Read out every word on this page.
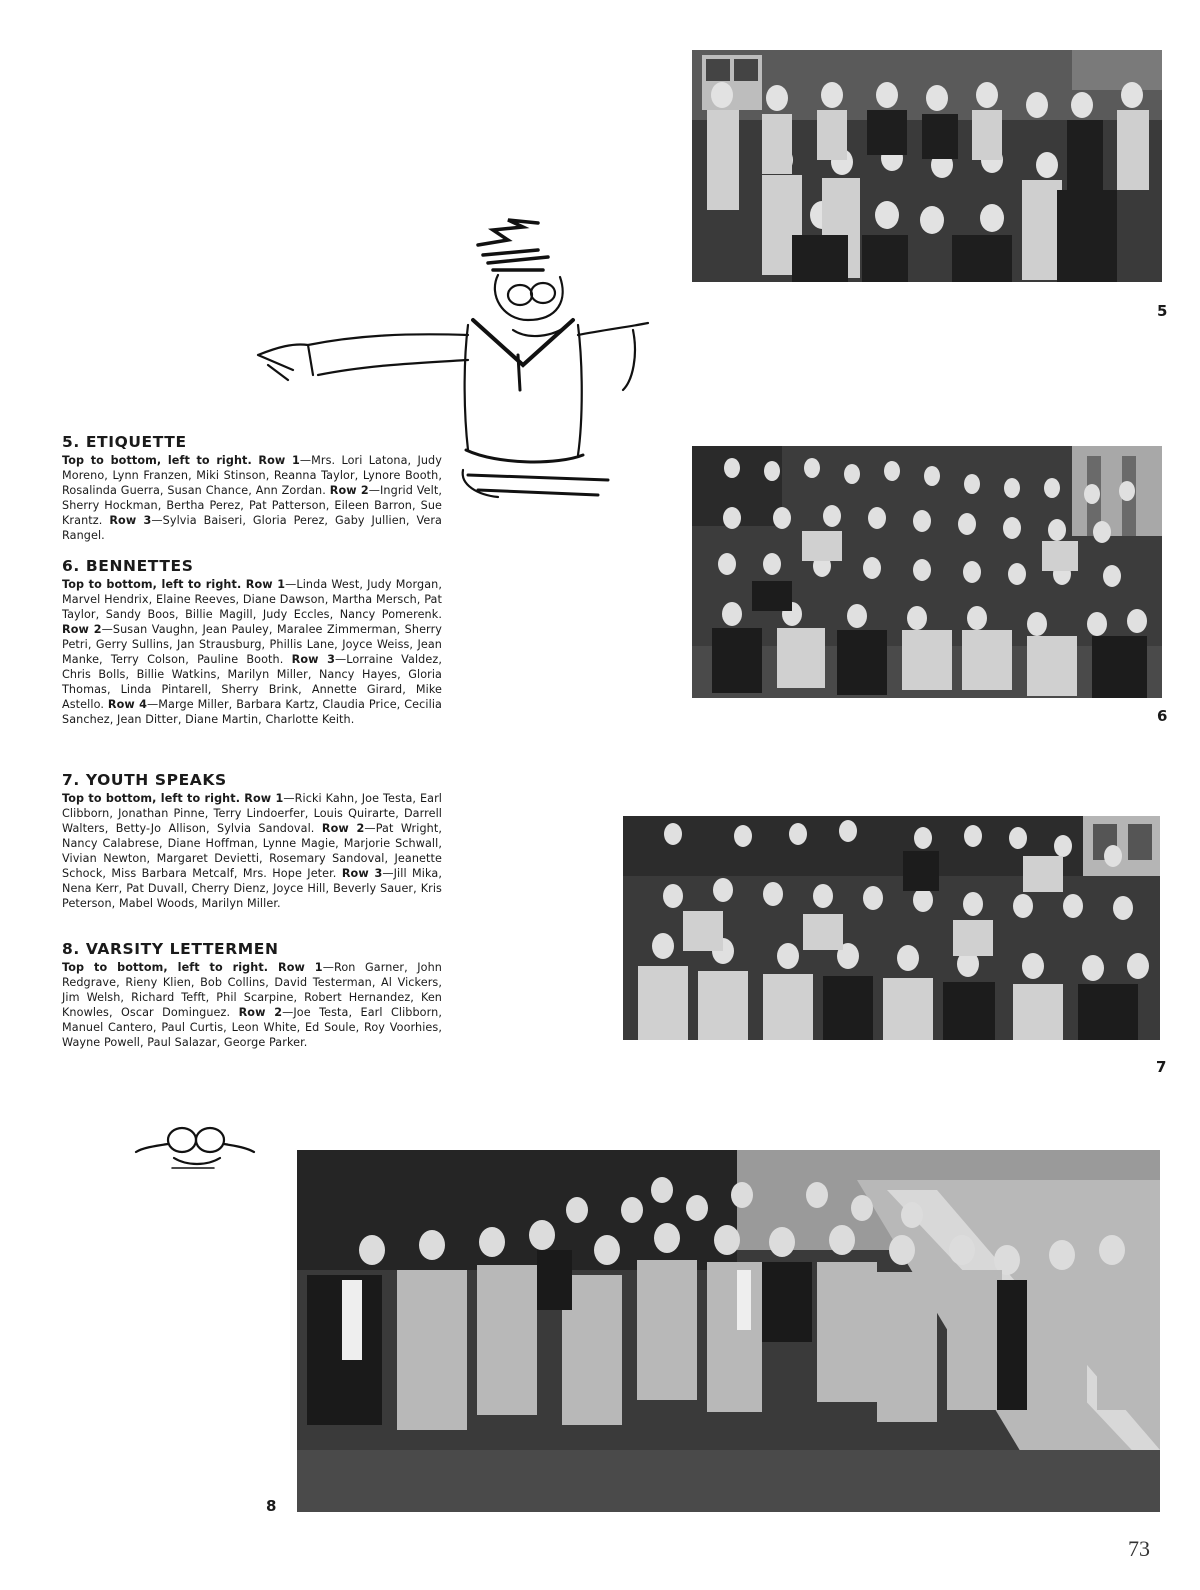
5
6
7
8
5. ETIQUETTE

Top to bottom, left to right. Row 1—Mrs. Lori Latona, Judy Moreno, Lynn Franzen, Miki Stinson, Reanna Taylor, Lynore Booth, Rosalinda Guerra, Susan Chance, Ann Zordan. Row 2—Ingrid Velt, Sherry Hockman, Bertha Perez, Pat Patterson, Eileen Barron, Sue Krantz. Row 3—Sylvia Baiseri, Gloria Perez, Gaby Jullien, Vera Rangel.

6. BENNETTES

Top to bottom, left to right. Row 1—Linda West, Judy Morgan, Marvel Hendrix, Elaine Reeves, Diane Dawson, Martha Mersch, Pat Taylor, Sandy Boos, Billie Magill, Judy Eccles, Nancy Pomerenk. Row 2—Susan Vaughn, Jean Pauley, Maralee Zimmerman, Sherry Petri, Gerry Sullins, Jan Strausburg, Phillis Lane, Joyce Weiss, Jean Manke, Terry Colson, Pauline Booth. Row 3—Lorraine Valdez, Chris Bolls, Billie Watkins, Marilyn Miller, Nancy Hayes, Gloria Thomas, Linda Pintarell, Sherry Brink, Annette Girard, Mike Astello. Row 4—Marge Miller, Barbara Kartz, Claudia Price, Cecilia Sanchez, Jean Ditter, Diane Martin, Charlotte Keith.

7. YOUTH SPEAKS

Top to bottom, left to right. Row 1—Ricki Kahn, Joe Testa, Earl Clibborn, Jonathan Pinne, Terry Lindoerfer, Louis Quirarte, Darrell Walters, Betty-Jo Allison, Sylvia Sandoval. Row 2—Pat Wright, Nancy Calabrese, Diane Hoffman, Lynne Magie, Marjorie Schwall, Vivian Newton, Margaret Devietti, Rosemary Sandoval, Jeanette Schock, Miss Barbara Metcalf, Mrs. Hope Jeter. Row 3—Jill Mika, Nena Kerr, Pat Duvall, Cherry Dienz, Joyce Hill, Beverly Sauer, Kris Peterson, Mabel Woods, Marilyn Miller.

8. VARSITY LETTERMEN

Top to bottom, left to right. Row 1—Ron Garner, John Redgrave, Rieny Klien, Bob Collins, David Testerman, Al Vickers, Jim Welsh, Richard Tefft, Phil Scarpine, Robert Hernandez, Ken Knowles, Oscar Dominguez. Row 2—Joe Testa, Earl Clibborn, Manuel Cantero, Paul Curtis, Leon White, Ed Soule, Roy Voorhies, Wayne Powell, Paul Salazar, George Parker.

73
